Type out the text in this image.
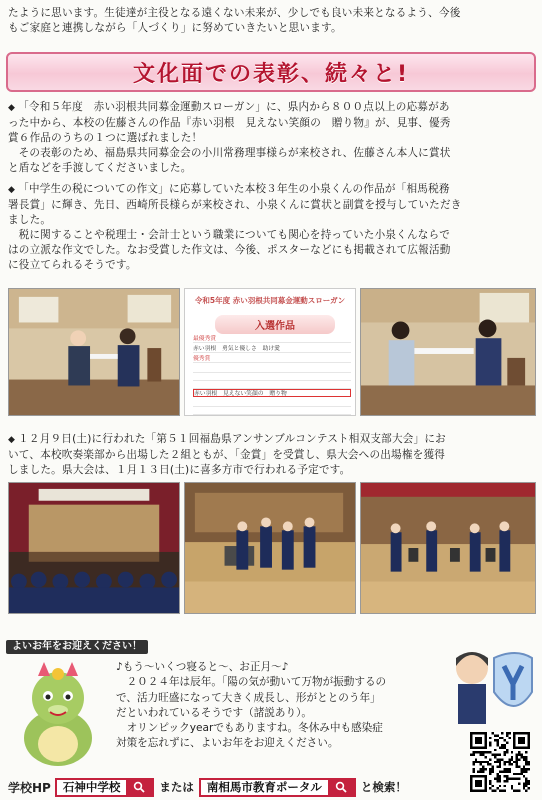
たように思います。生徒達が主役となる遠くない未来が、少しでも良い未来となるよう、今後

もご家庭と連携しながら「人づくり」に努めていきたいと思います。

文化面での表彰、続々と!

◆ 「令和５年度　赤い羽根共同募金運動スローガン」に、県内から８００点以上の応募があ

った中から、本校の佐藤さんの作品『赤い羽根　見えない笑顔の　贈り物』が、見事、優秀

賞６作品のうちの１つに選ばれました！

その表彰のため、福島県共同募金会の小川常務理事様らが来校され、佐藤さん本人に賞状

と盾などを手渡してくださいました。

◆ 「中学生の税についての作文」に応募していた本校３年生の小泉くんの作品が「相馬税務

署長賞」に輝き、先日、西崎所長様らが来校され、小泉くんに賞状と副賞を授与していただき

ました。

税に関することや税理士・会計士という職業についても関心を持っていた小泉くんならで

はの立派な作文でした。なお受賞した作文は、今後、ポスターなどにも掲載されて広報活動

に役立てられるそうです。

令和5年度 赤い羽根共同募金運動スローガン
入選作品
最優秀賞
赤い羽根　勇気と優しさ　助け愛
優秀賞
赤い羽根　見えない笑顔の　贈り物

◆ １２月９日(土)に行われた「第５１回福島県アンサンブルコンテスト相双支部大会」にお

いて、本校吹奏楽部から出場した２組ともが、「金賞」を受賞し、県大会への出場権を獲得

しました。県大会は、１月１３日(土)に喜多方市で行われる予定です。

よいお年をお迎えください！

♪もう～いくつ寝ると～、お正月～♪

２０２４年は辰年。「陽の気が動いて万物が振動するの

で、活力旺盛になって大きく成長し、形がととのう年」

だといわれているそうです（諸説あり）。

オリンピックyearでもありますね。冬休み中も感染症

対策を忘れずに、よいお年をお迎えください。

学校HP	石神中学校	または	南相馬市教育ポータル	と検索！
